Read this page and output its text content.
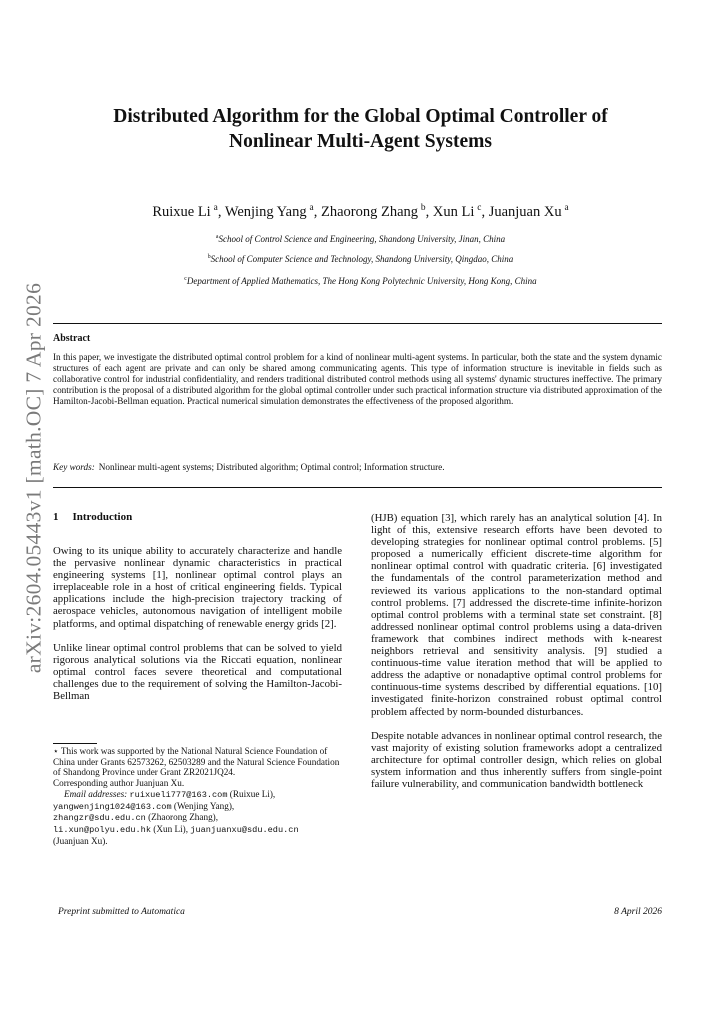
arXiv:2604.05443v1 [math.OC] 7 Apr 2026
Distributed Algorithm for the Global Optimal Controller of
Nonlinear Multi-Agent Systems
Ruixue Li  $^a$, Wenjing Yang  $^a$, Zhaorong Zhang  $^b$, Xun Li  $^c$, Juanjuan Xu  $^a$
$^a$School of Control Science and Engineering, Shandong University, Jinan, China
$^b$School of Computer Science and Technology, Shandong University, Qingdao, China
$^c$Department of Applied Mathematics, The Hong Kong Polytechnic University, Hong Kong, China
Abstract
In this paper, we investigate the distributed optimal control problem for a kind of nonlinear multi-agent systems. In particular, both the state and the system dynamic structures of each agent are private and can only be shared among communicating agents. This type of information structure is inevitable in fields such as collaborative control for industrial confidentiality, and renders traditional distributed control methods using all systems' dynamic structures ineffective. The primary contribution is the proposal of a distributed algorithm for the global optimal controller under such practical information structure via distributed approximation of the Hamilton-Jacobi-Bellman equation. Practical numerical simulation demonstrates the effectiveness of the proposed algorithm.
Key words: Nonlinear multi-agent systems; Distributed algorithm; Optimal control; Information structure.
1 Introduction

Owing to its unique ability to accurately characterize and handle the pervasive nonlinear dynamic characteristics in practical engineering systems [1], nonlinear optimal control plays an irreplaceable role in a host of critical engineering fields. Typical applications include the high-precision trajectory tracking of aerospace vehicles, autonomous navigation of intelligent mobile platforms, and optimal dispatching of renewable energy grids [2].

Unlike linear optimal control problems that can be solved to yield rigorous analytical solutions via the Riccati equation, nonlinear optimal control faces severe theoretical and computational challenges due to the requirement of solving the Hamilton-Jacobi-Bellman

⋆ This work was supported by the National Natural Science Foundation of China under Grants 62573262, 62503289 and the Natural Science Foundation of Shandong Province under Grant ZR2021JQ24.
Corresponding author Juanjuan Xu.
Email addresses: ruixueli777@163.com (Ruixue Li),
yangwenjing1024@163.com (Wenjing Yang),
zhangzr@sdu.edu.cn (Zhaorong Zhang),
li.xun@polyu.edu.hk (Xun Li), juanjuanxu@sdu.edu.cn
(Juanjuan Xu).

(HJB) equation [3], which rarely has an analytical solution [4]. In light of this, extensive research efforts have been devoted to developing strategies for nonlinear optimal control problems. [5] proposed a numerically efficient discrete-time algorithm for nonlinear optimal control with quadratic criteria. [6] investigated the fundamentals of the control parameterization method and reviewed its various applications to the non-standard optimal control problems. [7] addressed the discrete-time infinite-horizon optimal control problems with a terminal state set constraint. [8] addressed nonlinear optimal control problems using a data-driven framework that combines indirect methods with k-nearest neighbors retrieval and sensitivity analysis. [9] studied a continuous-time value iteration method that will be applied to address the adaptive or nonadaptive optimal control problems for continuous-time systems described by differential equations. [10] investigated finite-horizon constrained robust optimal control problem affected by norm-bounded disturbances.

Despite notable advances in nonlinear optimal control research, the vast majority of existing solution frameworks adopt a centralized architecture for optimal controller design, which relies on global system information and thus inherently suffers from single-point failure vulnerability, and communication bandwidth bottleneck

Preprint submitted to Automatica	8 April 2026
